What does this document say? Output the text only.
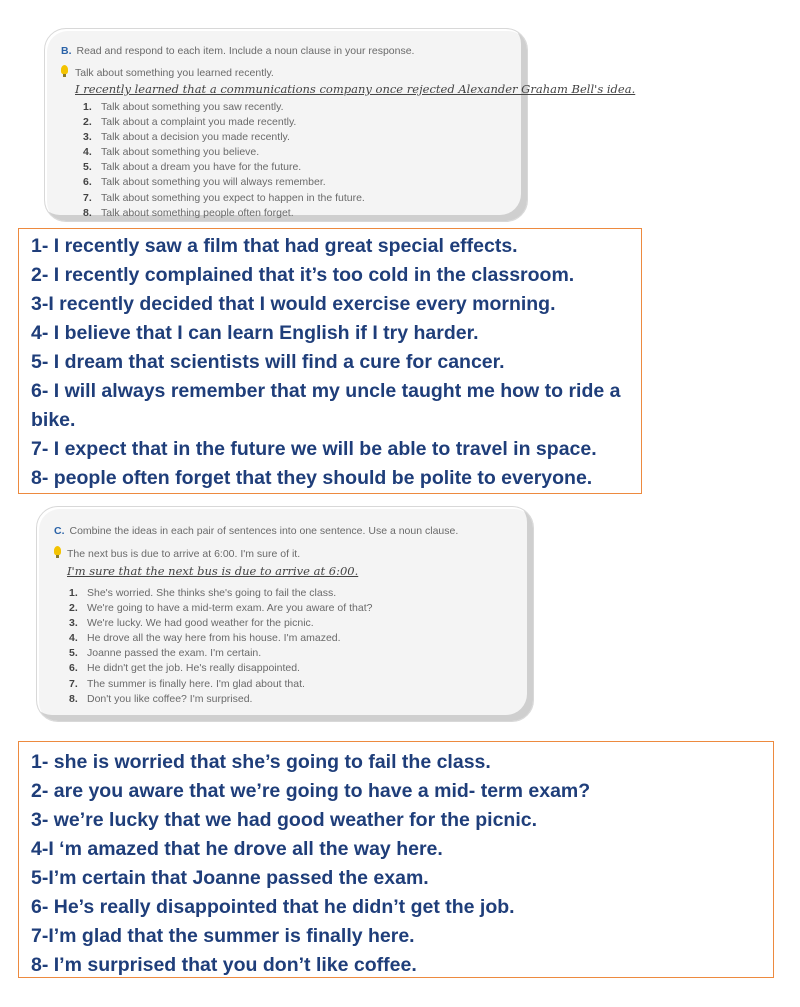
B. Read and respond to each item. Include a noun clause in your response.
Talk about something you learned recently.
I recently learned that a communications company once rejected Alexander Graham Bell's idea.
1. Talk about something you saw recently.
2. Talk about a complaint you made recently.
3. Talk about a decision you made recently.
4. Talk about something you believe.
5. Talk about a dream you have for the future.
6. Talk about something you will always remember.
7. Talk about something you expect to happen in the future.
8. Talk about something people often forget.
1- I recently saw a film that had great special effects.
2- I recently complained that it’s too cold in the classroom.
3-I recently decided that I would exercise every morning.
4- I believe that I can learn English if I try harder.
5- I dream that scientists will find a cure for cancer.
6- I will always remember that my uncle taught me how to ride a bike.
7- I expect that in the future we will be able to travel in space.
8- people often forget that they should be polite to everyone.
C. Combine the ideas in each pair of sentences into one sentence. Use a noun clause.
The next bus is due to arrive at 6:00. I'm sure of it.
I'm sure that the next bus is due to arrive at 6:00.
1. She's worried. She thinks she's going to fail the class.
2. We're going to have a mid-term exam. Are you aware of that?
3. We're lucky. We had good weather for the picnic.
4. He drove all the way here from his house. I'm amazed.
5. Joanne passed the exam. I'm certain.
6. He didn't get the job. He's really disappointed.
7. The summer is finally here. I'm glad about that.
8. Don't you like coffee? I'm surprised.
1- she is worried that she’s going to fail the class.
2- are you aware that we’re going to have a mid- term exam?
3- we’re lucky that we had good weather for the picnic.
4-I ‘m amazed that he drove all the way here.
5-I’m certain that Joanne passed the exam.
6- He’s really disappointed that he didn’t get the job.
7-I’m glad that the summer is finally here.
8- I’m surprised that you don’t like coffee.
